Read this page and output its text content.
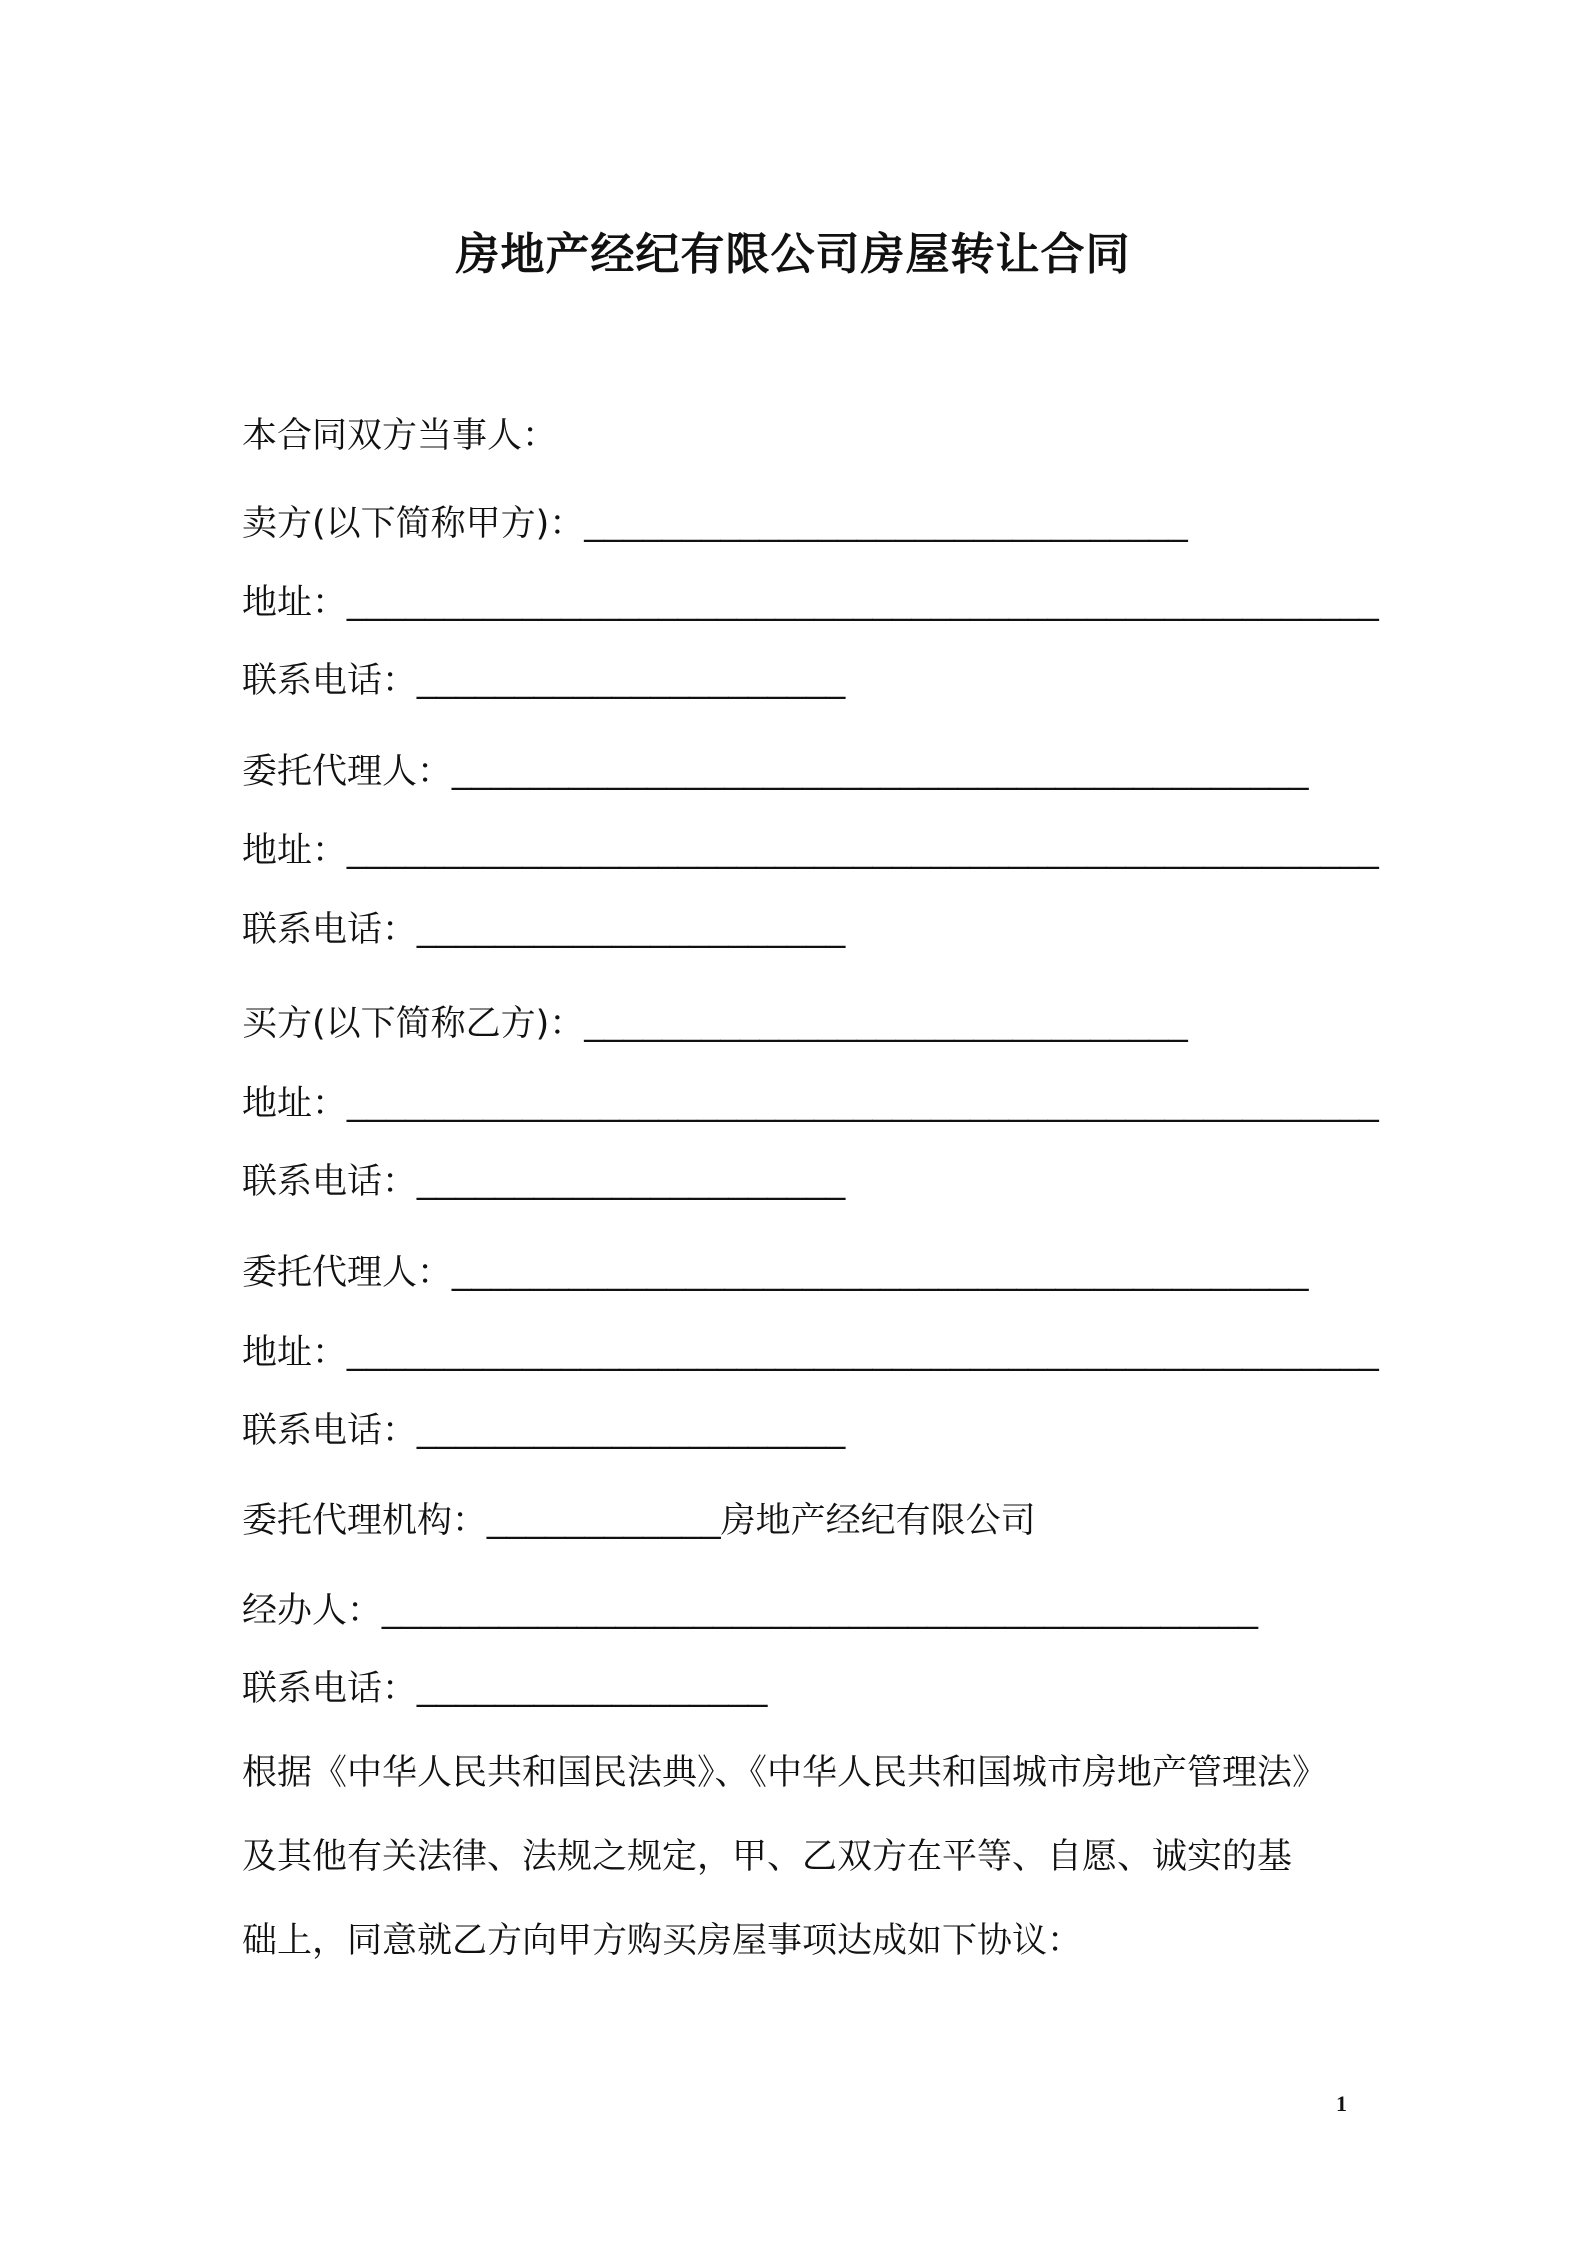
房地产经纪有限公司房屋转让合同
本合同双方当事人：
卖方(以下简称甲方)：_______________________________
地址：_____________________________________________________
联系电话：______________________
委托代理人：____________________________________________
地址：_____________________________________________________
联系电话：______________________
买方(以下简称乙方)：_______________________________
地址：_____________________________________________________
联系电话：______________________
委托代理人：____________________________________________
地址：_____________________________________________________
联系电话：______________________
委托代理机构：____________房地产经纪有限公司
经办人：_____________________________________________
联系电话：__________________
根据《中华人民共和国民法典》、《中华人民共和国城市房地产管理法》
及其他有关法律、法规之规定，甲、乙双方在平等、自愿、诚实的基
础上，同意就乙方向甲方购买房屋事项达成如下协议：
1
